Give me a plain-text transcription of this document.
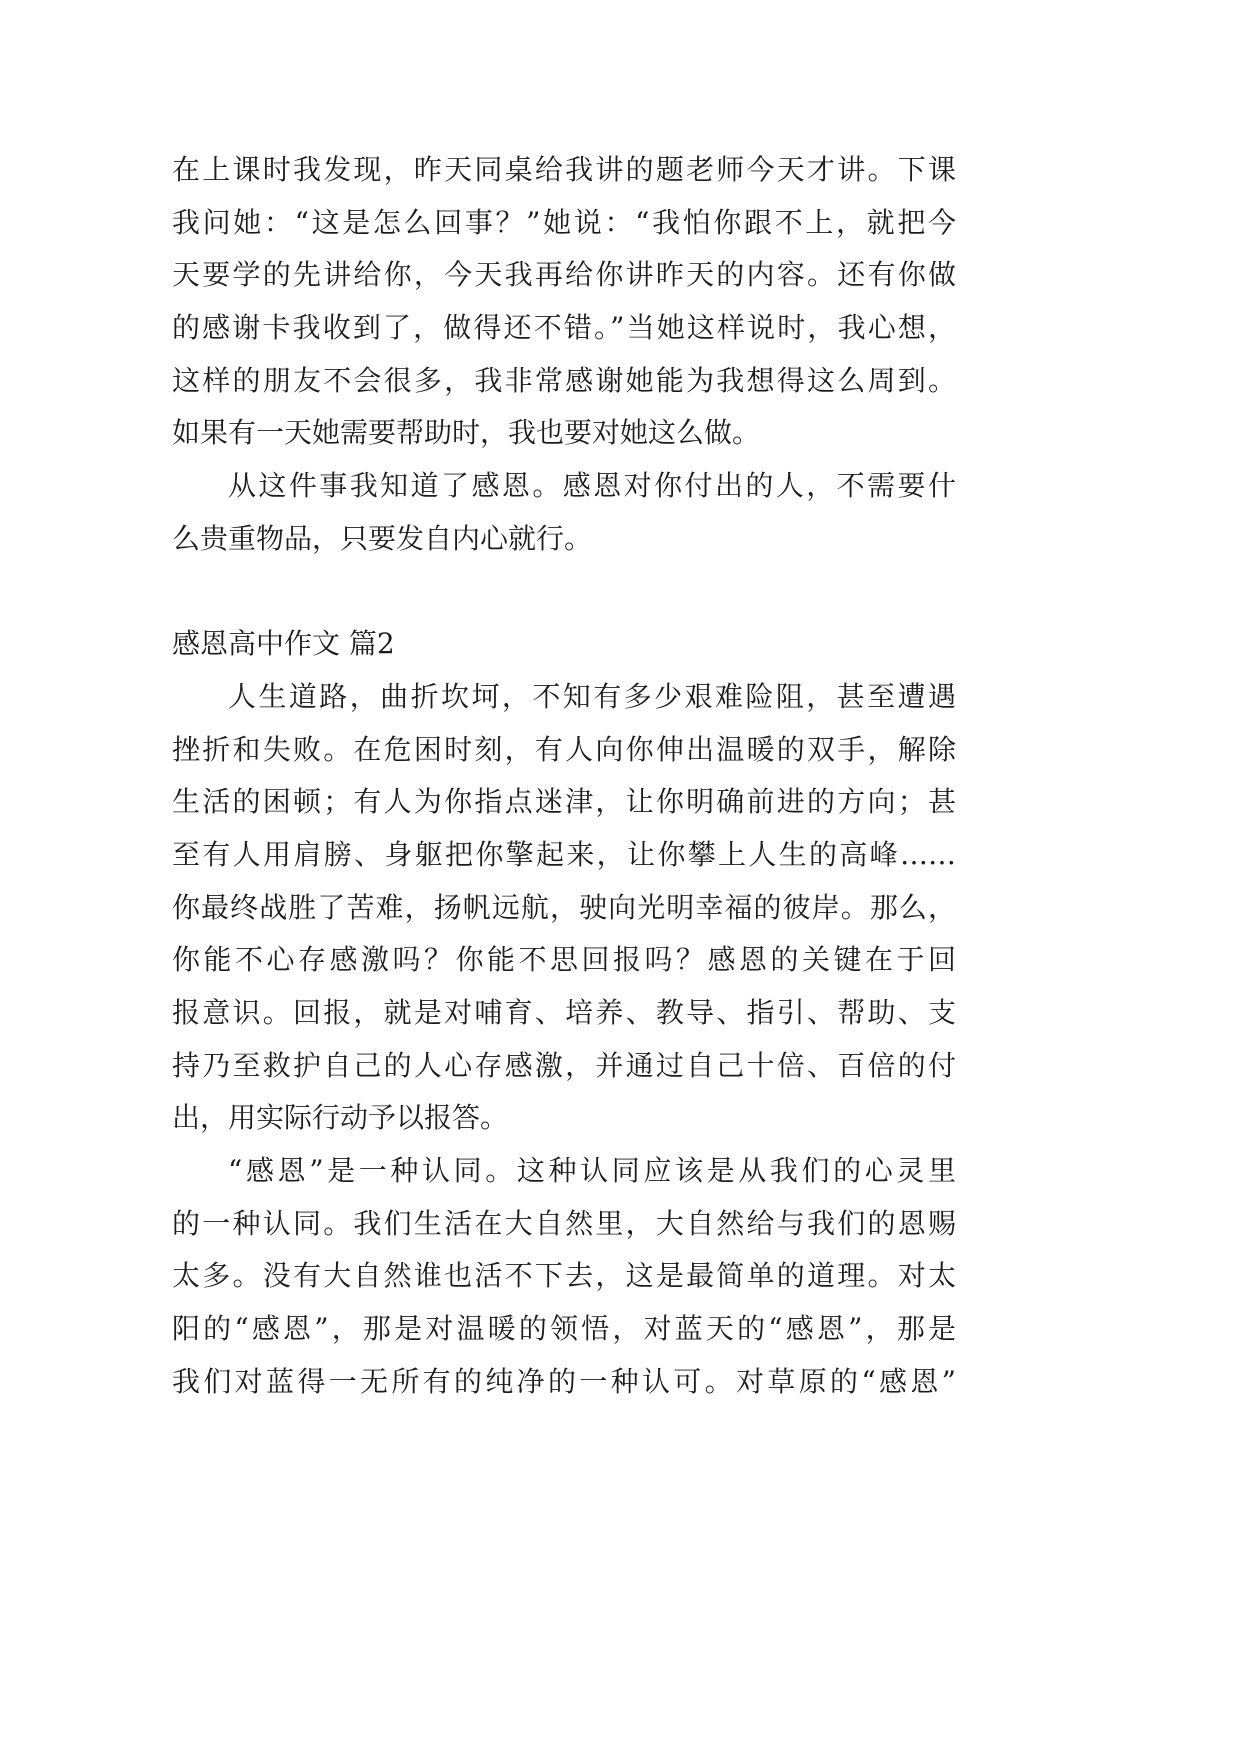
在上课时我发现，昨天同桌给我讲的题老师今天才讲。下课
我问她：“这是怎么回事？”她说：“我怕你跟不上，就把今
天要学的先讲给你，今天我再给你讲昨天的内容。还有你做
的感谢卡我收到了，做得还不错。”当她这样说时，我心想，
这样的朋友不会很多，我非常感谢她能为我想得这么周到。
如果有一天她需要帮助时，我也要对她这么做。
从这件事我知道了感恩。感恩对你付出的人，不需要什
么贵重物品，只要发自内心就行。
感恩高中作文 篇2
人生道路，曲折坎坷，不知有多少艰难险阻，甚至遭遇
挫折和失败。在危困时刻，有人向你伸出温暖的双手，解除
生活的困顿；有人为你指点迷津，让你明确前进的方向；甚
至有人用肩膀、身躯把你擎起来，让你攀上人生的高峰……
你最终战胜了苦难，扬帆远航，驶向光明幸福的彼岸。那么，
你能不心存感激吗？你能不思回报吗？感恩的关键在于回
报意识。回报，就是对哺育、培养、教导、指引、帮助、支
持乃至救护自己的人心存感激，并通过自己十倍、百倍的付
出，用实际行动予以报答。
“感恩”是一种认同。这种认同应该是从我们的心灵里
的一种认同。我们生活在大自然里，大自然给与我们的恩赐
太多。没有大自然谁也活不下去，这是最简单的道理。对太
阳的“感恩”，那是对温暖的领悟，对蓝天的“感恩”，那是
我们对蓝得一无所有的纯净的一种认可。对草原的“感恩”
